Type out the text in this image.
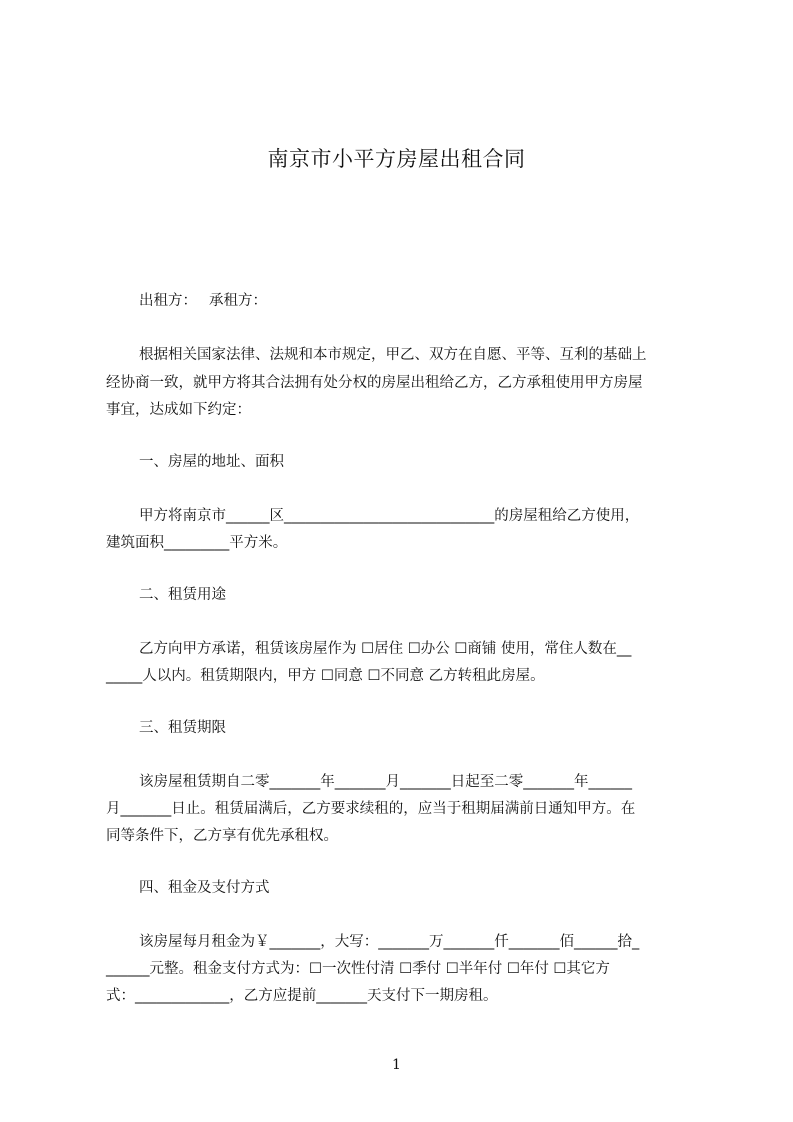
南京市小平方房屋出租合同
出租方： 承租方：
根据相关国家法律、法规和本市规定，甲乙、双方在自愿、平等、互利的基础上
经协商一致，就甲方将其合法拥有处分权的房屋出租给乙方，乙方承租使用甲方房屋
事宜，达成如下约定：
一、房屋的地址、面积
甲方将南京市______区_____________________________的房屋租给乙方使用，
建筑面积_________平方米。
二、租赁用途
乙方向甲方承诺，租赁该房屋作为 ☐居住 ☐办公 ☐商铺 使用，常住人数在__
_____人以内。租赁期限内，甲方 ☐同意 ☐不同意 乙方转租此房屋。
三、租赁期限
该房屋租赁期自二零_______年_______月_______日起至二零_______年______
月_______日止。租赁届满后，乙方要求续租的，应当于租期届满前日通知甲方。在
同等条件下，乙方享有优先承租权。
四、租金及支付方式
该房屋每月租金为￥_______，大写：_______万_______仟_______佰______拾_
______元整。租金支付方式为：☐一次性付清 ☐季付 ☐半年付 ☐年付 ☐其它方
式：_____________，乙方应提前_______天支付下一期房租。
1
